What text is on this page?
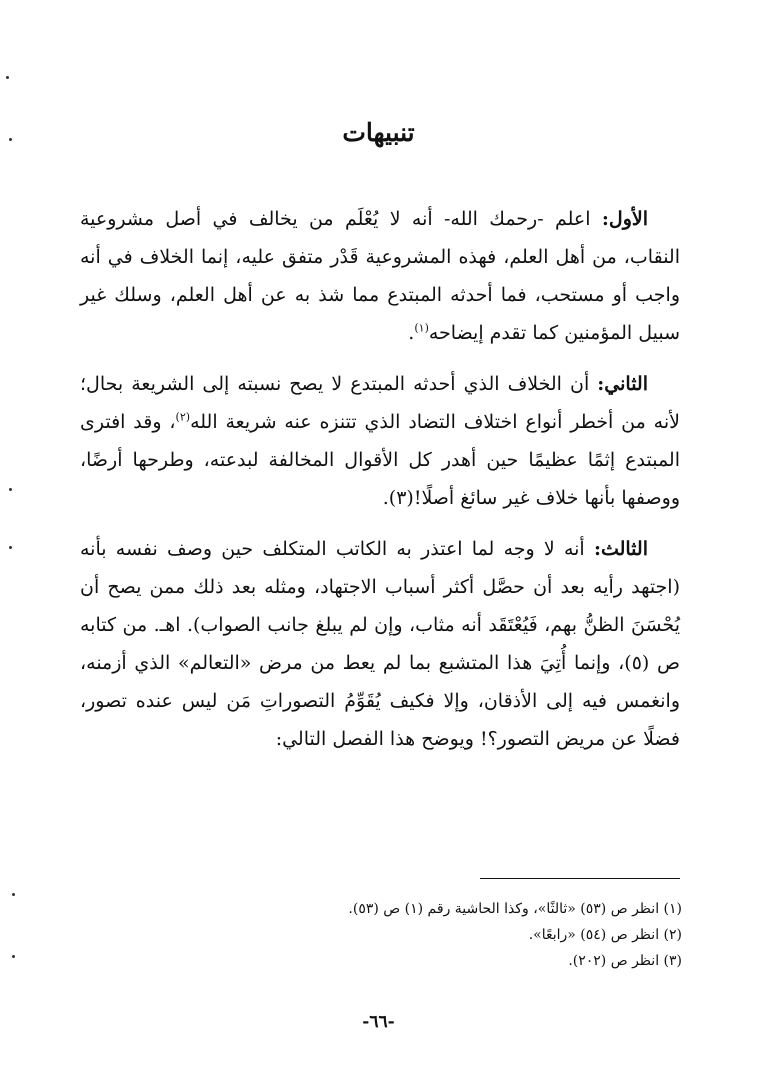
تنبيهات

الأول: اعلم -رحمك الله- أنه لا يُعْلَم من يخالف في أصل مشروعية النقاب، من أهل العلم، فهذه المشروعية قَدْر متفق عليه، إنما الخلاف في أنه واجب أو مستحب، فما أحدثه المبتدع مما شذ به عن أهل العلم، وسلك غير سبيل المؤمنين كما تقدم إيضاحه$^{(١)}$.

الثاني: أن الخلاف الذي أحدثه المبتدع لا يصح نسبته إلى الشريعة بحال؛ لأنه من أخطر أنواع اختلاف التضاد الذي تتنزه عنه شريعة الله$^{(٢)}$، وقد افترى المبتدع إثمًا عظيمًا حين أهدر كل الأقوال المخالفة لبدعته، وطرحها أرضًا، ووصفها بأنها خلاف غير سائغ أصلًا!(٣).

الثالث: أنه لا وجه لما اعتذر به الكاتب المتكلف حين وصف نفسه بأنه (اجتهد رأيه بعد أن حصَّل أكثر أسباب الاجتهاد، ومثله بعد ذلك ممن يصح أن يُحْسَنَ الظنُّ بهم، فَيُعْتَقَد أنه مثاب، وإن لم يبلغ جانب الصواب). اهـ. من كتابه ص (٥)، وإنما أُتِيَ هذا المتشبع بما لم يعط من مرض «التعالم» الذي أزمنه، وانغمس فيه إلى الأذقان، وإلا فكيف يُقَوِّمُ التصوراتِ مَن ليس عنده تصور، فضلًا عن مريض التصور؟! ويوضح هذا الفصل التالي:

(١) انظر ص (٥٣) «ثالثًا»، وكذا الحاشية رقم (١) ص (٥٣).

(٢) انظر ص (٥٤) «رابعًا».

(٣) انظر ص (٢٠٢).

-٦٦-
